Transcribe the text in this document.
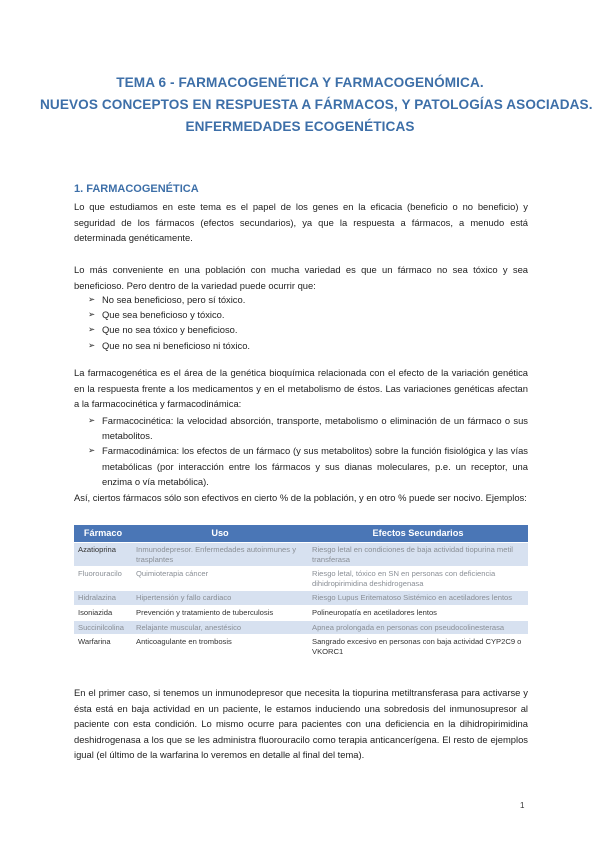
TEMA 6 - FARMACOGENÉTICA Y FARMACOGENÓMICA.
NUEVOS CONCEPTOS EN RESPUESTA A FÁRMACOS, Y PATOLOGÍAS ASOCIADAS.
ENFERMEDADES ECOGENÉTICAS
1. FARMACOGENÉTICA

Lo que estudiamos en este tema es el papel de los genes en la eficacia (beneficio o no beneficio) y seguridad de los fármacos (efectos secundarios), ya que la respuesta a fármacos, a menudo está determinada genéticamente.

Lo más conveniente en una población con mucha variedad es que un fármaco no sea tóxico y sea beneficioso. Pero dentro de la variedad puede ocurrir que:

➢ No sea beneficioso, pero sí tóxico.
➢ Que sea beneficioso y tóxico.
➢ Que no sea tóxico y beneficioso.
➢ Que no sea ni beneficioso ni tóxico.

La farmacogenética es el área de la genética bioquímica relacionada con el efecto de la variación genética en la respuesta frente a los medicamentos y en el metabolismo de éstos. Las variaciones genéticas afectan a la farmacocinética y farmacodinámica:

➢ Farmacocinética: la velocidad absorción, transporte, metabolismo o eliminación de un fármaco o sus metabolitos.
➢ Farmacodinámica: los efectos de un fármaco (y sus metabolitos) sobre la función fisiológica y las vías metabólicas (por interacción entre los fármacos y sus dianas moleculares, p.e. un receptor, una enzima o vía metabólica).

Así, ciertos fármacos sólo son efectivos en cierto % de la población, y en otro % puede ser nocivo. Ejemplos:

Fármaco	Uso	Efectos Secundarios
Azatioprina	Inmunodepresor. Enfermedades autoinmunes y trasplantes	Riesgo letal en condiciones de baja actividad tiopurina metil transferasa
Fluorouracilo	Quimioterapia cáncer	Riesgo letal, tóxico en SN en personas con deficiencia dihidropirimidina deshidrogenasa
Hidralazina	Hipertensión y fallo cardiaco	Riesgo Lupus Eritematoso Sistémico en acetiladores lentos
Isoniazida	Prevención y tratamiento de tuberculosis	Polineuropatía en acetiladores lentos
Succinilcolina	Relajante muscular, anestésico	Apnea prolongada en personas con pseudocolinesterasa
Warfarina	Anticoagulante en trombosis	Sangrado excesivo en personas con baja actividad CYP2C9 o VKORC1

En el primer caso, si tenemos un inmunodepresor que necesita la tiopurina metiltransferasa para activarse y ésta está en baja actividad en un paciente, le estamos induciendo una sobredosis del inmunosupresor al paciente con esta condición. Lo mismo ocurre para pacientes con una deficiencia en la dihidropirimidina deshidrogenasa a los que se les administra fluorouracilo como terapia anticancerígena. El resto de ejemplos igual (el último de la warfarina lo veremos en detalle al final del tema).

1
